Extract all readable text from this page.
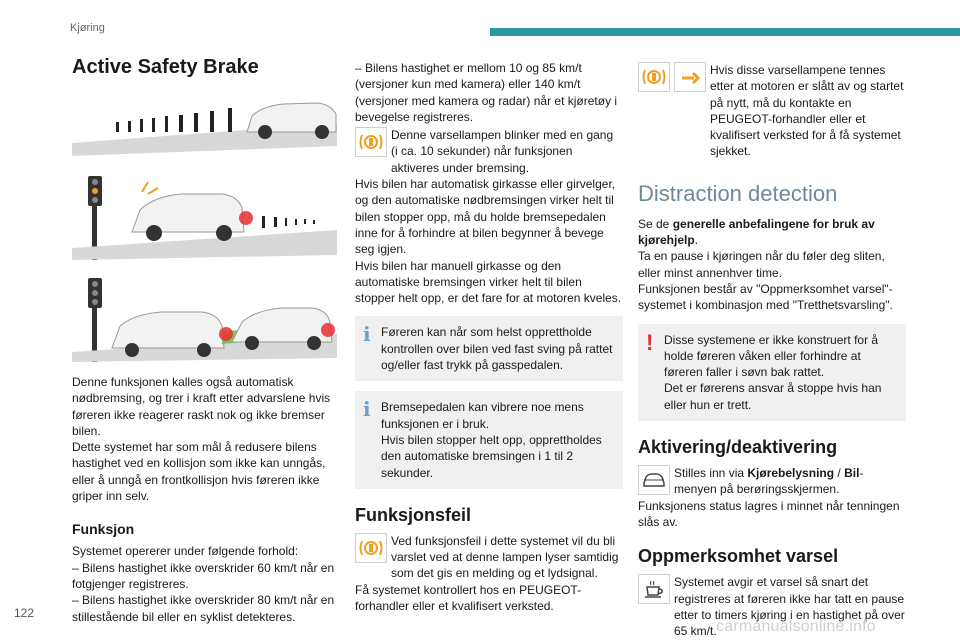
Kjøring
Active Safety Brake

Denne funksjonen kalles også automatisk nødbremsing, og trer i kraft etter advarslene hvis føreren ikke reagerer raskt nok og ikke bremser bilen.

Dette systemet har som mål å redusere bilens hastighet ved en kollisjon som ikke kan unngås, eller å unngå en frontkollisjon hvis føreren ikke griper inn selv.

Funksjon

Systemet opererer under følgende forhold:

– Bilens hastighet ikke overskrider 60 km/t når en fotgjenger registreres.

– Bilens hastighet ikke overskrider 80 km/t når en stillestående bil eller en syklist detekteres.

– Bilens hastighet er mellom 10 og 85 km/t (versjoner kun med kamera) eller 140 km/t (versjoner med kamera og radar) når et kjøretøy i bevegelse registreres.

Denne varsellampen blinker med en gang (i ca. 10 sekunder) når funksjonen aktiveres under bremsing.

Hvis bilen har automatisk girkasse eller girvelger, og den automatiske nødbremsingen virker helt til bilen stopper opp, må du holde bremsepedalen inne for å forhindre at bilen begynner å bevege seg igjen.

Hvis bilen har manuell girkasse og den automatiske bremsingen virker helt til bilen stopper helt opp, er det fare for at motoren kveles.

i Føreren kan når som helst opprettholde kontrollen over bilen ved fast sving på rattet og/eller fast trykk på gasspedalen.

i Bremsepedalen kan vibrere noe mens funksjonen er i bruk.

Hvis bilen stopper helt opp, opprettholdes den automatiske bremsingen i 1 til 2 sekunder.

Funksjonsfeil

Ved funksjonsfeil i dette systemet vil du bli varslet ved at denne lampen lyser samtidig som det gis en melding og et lydsignal.

Få systemet kontrollert hos en PEUGEOT-forhandler eller et kvalifisert verksted.

Hvis disse varsellampene tennes etter at motoren er slått av og startet på nytt, må du kontakte en PEUGEOT-forhandler eller et kvalifisert verksted for å få systemet sjekket.

Distraction detection

Se de generelle anbefalingene for bruk av kjørehjelp.

Ta en pause i kjøringen når du føler deg sliten, eller minst annenhver time.

Funksjonen består av "Oppmerksomhet varsel"-systemet i kombinasjon med "Tretthetsvarsling".

! Disse systemene er ikke konstruert for å holde føreren våken eller forhindre at føreren faller i søvn bak rattet.

Det er førerens ansvar å stoppe hvis han eller hun er trett.

Aktivering/deaktivering

Stilles inn via Kjørebelysning / Bil-menyen på berøringsskjermen.

Funksjonens status lagres i minnet når tenningen slås av.

Oppmerksomhet varsel

Systemet avgir et varsel så snart det registreres at føreren ikke har tatt en pause etter to timers kjøring i en hastighet på over 65 km/t.

122
carmanualsonline.info
